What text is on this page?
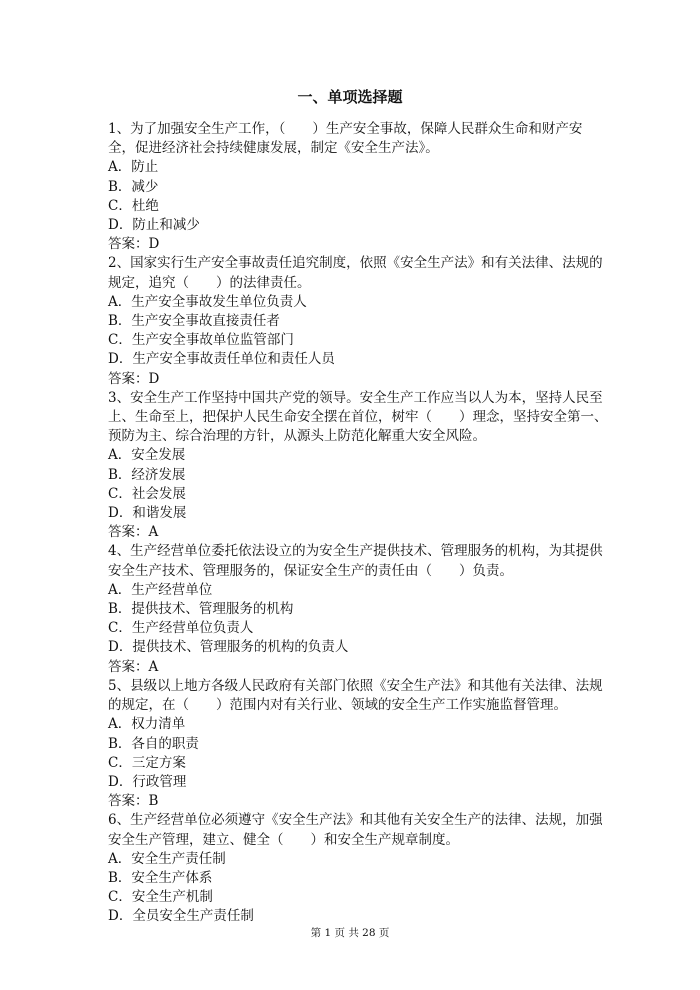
一、单项选择题
1、为了加强安全生产工作，（　　）生产安全事故，保障人民群众生命和财产安全，促进经济社会持续健康发展，制定《安全生产法》。
A．防止
B．减少
C．杜绝
D．防止和减少
答案：D
2、国家实行生产安全事故责任追究制度，依照《安全生产法》和有关法律、法规的规定，追究（　　）的法律责任。
A．生产安全事故发生单位负责人
B．生产安全事故直接责任者
C．生产安全事故单位监管部门
D．生产安全事故责任单位和责任人员
答案：D
3、安全生产工作坚持中国共产党的领导。安全生产工作应当以人为本，坚持人民至上、生命至上，把保护人民生命安全摆在首位，树牢（　　）理念，坚持安全第一、预防为主、综合治理的方针，从源头上防范化解重大安全风险。
A．安全发展
B．经济发展
C．社会发展
D．和谐发展
答案：A
4、生产经营单位委托依法设立的为安全生产提供技术、管理服务的机构，为其提供安全生产技术、管理服务的，保证安全生产的责任由（　　）负责。
A．生产经营单位
B．提供技术、管理服务的机构
C．生产经营单位负责人
D．提供技术、管理服务的机构的负责人
答案：A
5、县级以上地方各级人民政府有关部门依照《安全生产法》和其他有关法律、法规的规定，在（　　）范围内对有关行业、领域的安全生产工作实施监督管理。
A．权力清单
B．各自的职责
C．三定方案
D．行政管理
答案：B
6、生产经营单位必须遵守《安全生产法》和其他有关安全生产的法律、法规，加强安全生产管理，建立、健全（　　）和安全生产规章制度。
A．安全生产责任制
B．安全生产体系
C．安全生产机制
D．全员安全生产责任制
第 1 页 共 28 页
